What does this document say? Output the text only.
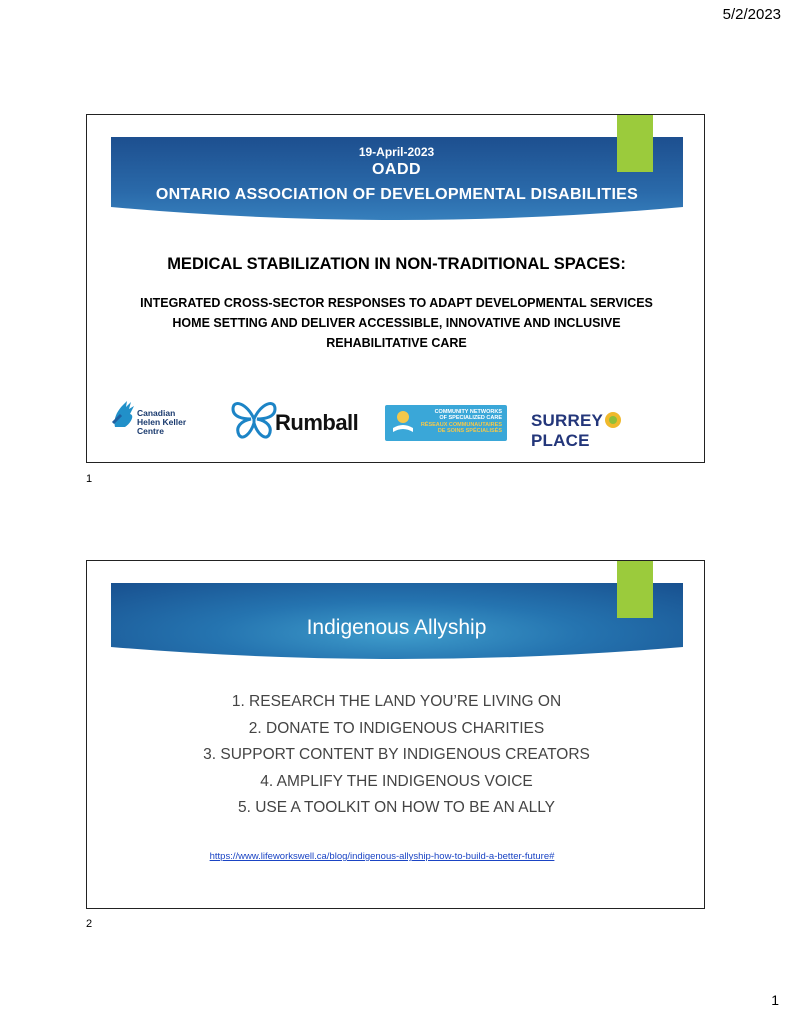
5/2/2023
19-April-2023
OADD
ONTARIO ASSOCIATION OF DEVELOPMENTAL DISABILITIES
MEDICAL STABILIZATION IN NON-TRADITIONAL SPACES:
INTEGRATED CROSS-SECTOR RESPONSES TO ADAPT DEVELOPMENTAL SERVICES HOME SETTING AND DELIVER ACCESSIBLE, INNOVATIVE AND INCLUSIVE REHABILITATIVE CARE
Canadian
Helen Keller
Centre	Rumball	COMMUNITY NETWORKS
OF SPECIALIZED CARE
RÉSEAUX COMMUNAUTAIRES
DE SOINS SPÉCIALISÉS
SURREYPLACE
1
Indigenous Allyship
1. RESEARCH THE LAND YOU’RE LIVING ON
2. DONATE TO INDIGENOUS CHARITIES
3. SUPPORT CONTENT BY INDIGENOUS CREATORS
4. AMPLIFY THE INDIGENOUS VOICE
5. USE A TOOLKIT ON HOW TO BE AN ALLY
https://www.lifeworkswell.ca/blog/indigenous-allyship-how-to-build-a-better-future#
2
1
